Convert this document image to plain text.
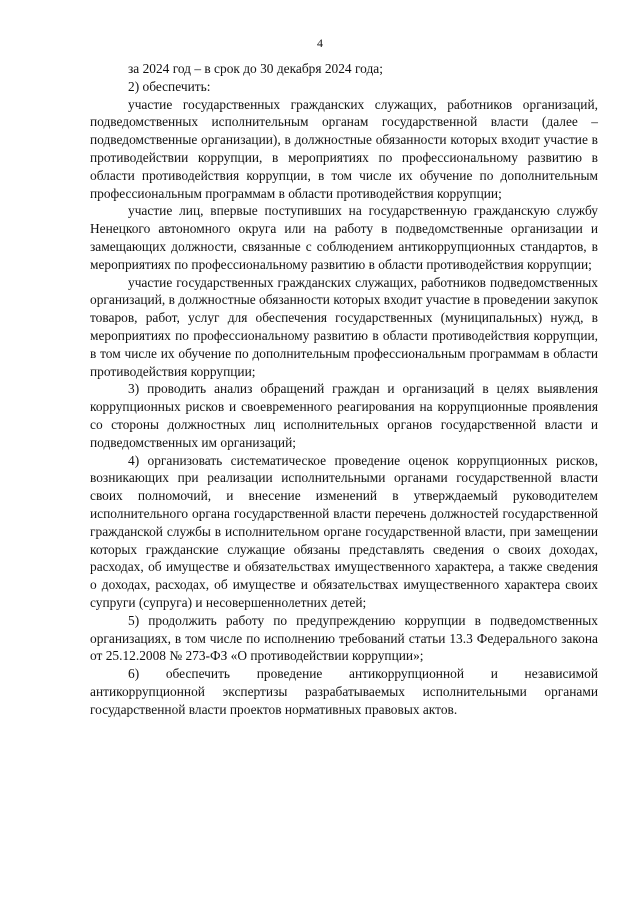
4

за 2024 год – в срок до 30 декабря 2024 года;

2) обеспечить:

участие государственных гражданских служащих, работников организаций, подведомственных исполнительным органам государственной власти (далее – подведомственные организации), в должностные обязанности которых входит участие в противодействии коррупции, в мероприятиях по профессиональному развитию в области противодействия коррупции, в том числе их обучение по дополнительным профессиональным программам в области противодействия коррупции;

участие лиц, впервые поступивших на государственную гражданскую службу Ненецкого автономного округа или на работу в подведомственные организации и замещающих должности, связанные с соблюдением антикоррупционных стандартов, в мероприятиях по профессиональному развитию в области противодействия коррупции;

участие государственных гражданских служащих, работников подведомственных организаций, в должностные обязанности которых входит участие в проведении закупок товаров, работ, услуг для обеспечения государственных (муниципальных) нужд, в мероприятиях по профессиональному развитию в области противодействия коррупции, в том числе их обучение по дополнительным профессиональным программам в области противодействия коррупции;

3) проводить анализ обращений граждан и организаций в целях выявления коррупционных рисков и своевременного реагирования на коррупционные проявления со стороны должностных лиц исполнительных органов государственной власти и подведомственных им организаций;

4) организовать систематическое проведение оценок коррупционных рисков, возникающих при реализации исполнительными органами государственной власти своих полномочий, и внесение изменений в утверждаемый руководителем исполнительного органа государственной власти перечень должностей государственной гражданской службы в исполнительном органе государственной власти, при замещении которых гражданские служащие обязаны представлять сведения о своих доходах, расходах, об имуществе и обязательствах имущественного характера, а также сведения о доходах, расходах, об имуществе и обязательствах имущественного характера своих супруги (супруга) и несовершеннолетних детей;

5) продолжить работу по предупреждению коррупции в подведомственных организациях, в том числе по исполнению требований статьи 13.3 Федерального закона от 25.12.2008 № 273-ФЗ «О противодействии коррупции»;

6) обеспечить проведение антикоррупционной и независимой антикоррупционной экспертизы разрабатываемых исполнительными органами государственной власти проектов нормативных правовых актов.
